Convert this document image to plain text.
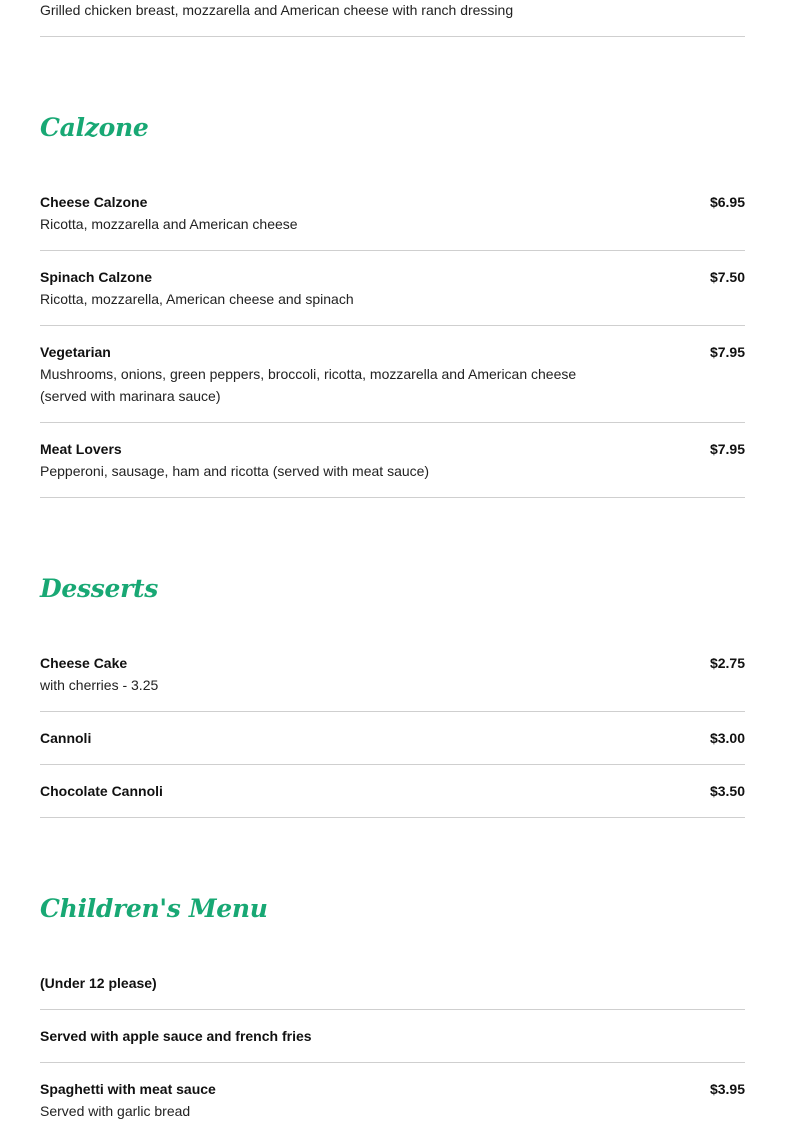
Grilled chicken breast, mozzarella and American cheese with ranch dressing
Calzone
Cheese Calzone
Ricotta, mozzarella and American cheese
$6.95
Spinach Calzone
Ricotta, mozzarella, American cheese and spinach
$7.50
Vegetarian
Mushrooms, onions, green peppers, broccoli, ricotta, mozzarella and American cheese (served with marinara sauce)
$7.95
Meat Lovers
Pepperoni, sausage, ham and ricotta (served with meat sauce)
$7.95
Desserts
Cheese Cake
with cherries - 3.25
$2.75
Cannoli	$3.00
Chocolate Cannoli	$3.50
Children's Menu
(Under 12 please)
Served with apple sauce and french fries
Spaghetti with meat sauce
Served with garlic bread
$3.95
